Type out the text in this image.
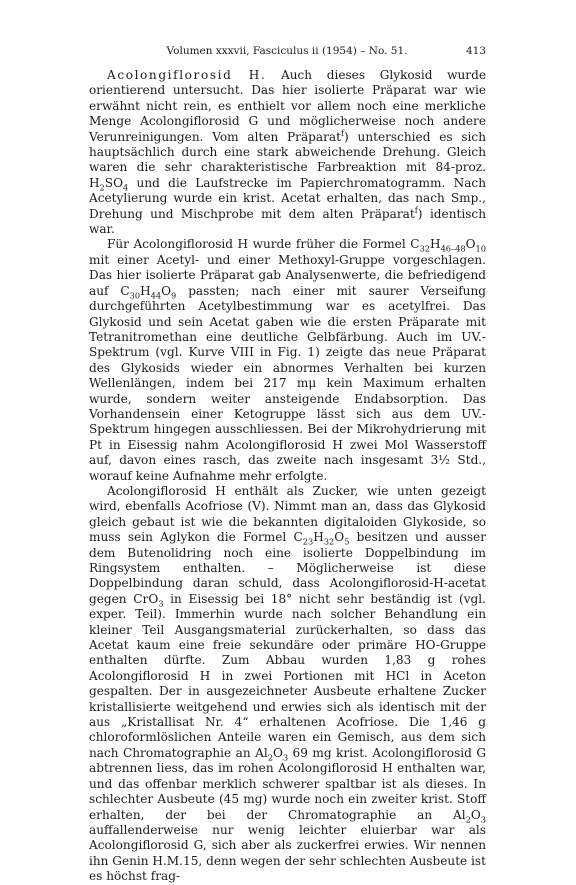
Volumen xxxvii, Fasciculus ii (1954) – No. 51.	413

Acolongiflorosid H. Auch dieses Glykosid wurde orientierend untersucht. Das hier isolierte Präparat war wie erwähnt nicht rein, es enthielt vor allem noch eine merkliche Menge Acolongiflorosid G und möglicherweise noch andere Verunreinigungen. Vom alten Präparat$^f$) unterschied es sich hauptsächlich durch eine stark abweichende Drehung. Gleich waren die sehr charakteristische Farbreaktion mit 84-proz. $H_2SO_4$ und die Laufstrecke im Papierchromatogramm. Nach Acetylierung wurde ein krist. Acetat erhalten, das nach Smp., Drehung und Mischprobe mit dem alten Präparat$^f$) identisch war.

Für Acolongiflorosid H wurde früher die Formel $C_{32}H_{46-48}O_{10}$ mit einer Acetyl- und einer Methoxyl-Gruppe vorgeschlagen. Das hier isolierte Präparat gab Analysenwerte, die befriedigend auf $C_{30}H_{44}O_9$ passten; nach einer mit saurer Verseifung durchgeführten Acetylbestimmung war es acetylfrei. Das Glykosid und sein Acetat gaben wie die ersten Präparate mit Tetranitromethan eine deutliche Gelbfärbung. Auch im UV.-Spektrum (vgl. Kurve VIII in Fig. 1) zeigte das neue Präparat des Glykosids wieder ein abnormes Verhalten bei kurzen Wellenlängen, indem bei 217 mμ kein Maximum erhalten wurde, sondern weiter ansteigende Endabsorption. Das Vorhandensein einer Ketogruppe lässt sich aus dem UV.-Spektrum hingegen ausschliessen. Bei der Mikrohydrierung mit Pt in Eisessig nahm Acolongiflorosid H zwei Mol Wasserstoff auf, davon eines rasch, das zweite nach insgesamt 3½ Std., worauf keine Aufnahme mehr erfolgte.

Acolongiflorosid H enthält als Zucker, wie unten gezeigt wird, ebenfalls Acofriose (V). Nimmt man an, dass das Glykosid gleich gebaut ist wie die bekannten digitaloiden Glykoside, so muss sein Aglykon die Formel $C_{23}H_{32}O_5$ besitzen und ausser dem Butenolidring noch eine isolierte Doppelbindung im Ringsystem enthalten. – Möglicherweise ist diese Doppelbindung daran schuld, dass Acolongiflorosid-H-acetat gegen CrO$_3$ in Eisessig bei 18° nicht sehr beständig ist (vgl. exper. Teil). Immerhin wurde nach solcher Behandlung ein kleiner Teil Ausgangsmaterial zurückerhalten, so dass das Acetat kaum eine freie sekundäre oder primäre HO-Gruppe enthalten dürfte. Zum Abbau wurden 1,83 g rohes Acolongiflorosid H in zwei Portionen mit HCl in Aceton gespalten. Der in ausgezeichneter Ausbeute erhaltene Zucker kristallisierte weitgehend und erwies sich als identisch mit der aus „Kristallisat Nr. 4“ erhaltenen Acofriose. Die 1,46 g chloroformlöslichen Anteile waren ein Gemisch, aus dem sich nach Chromatographie an $Al_2O_3$ 69 mg krist. Acolongiflorosid G abtrennen liess, das im rohen Acolongiflorosid H enthalten war, und das offenbar merklich schwerer spaltbar ist als dieses. In schlechter Ausbeute (45 mg) wurde noch ein zweiter krist. Stoff erhalten, der bei der Chromatographie an $Al_2O_3$ auffallenderweise nur wenig leichter eluierbar war als Acolongiflorosid G, sich aber als zuckerfrei erwies. Wir nennen ihn Genin H.M.15, denn wegen der sehr schlechten Ausbeute ist es höchst frag-
